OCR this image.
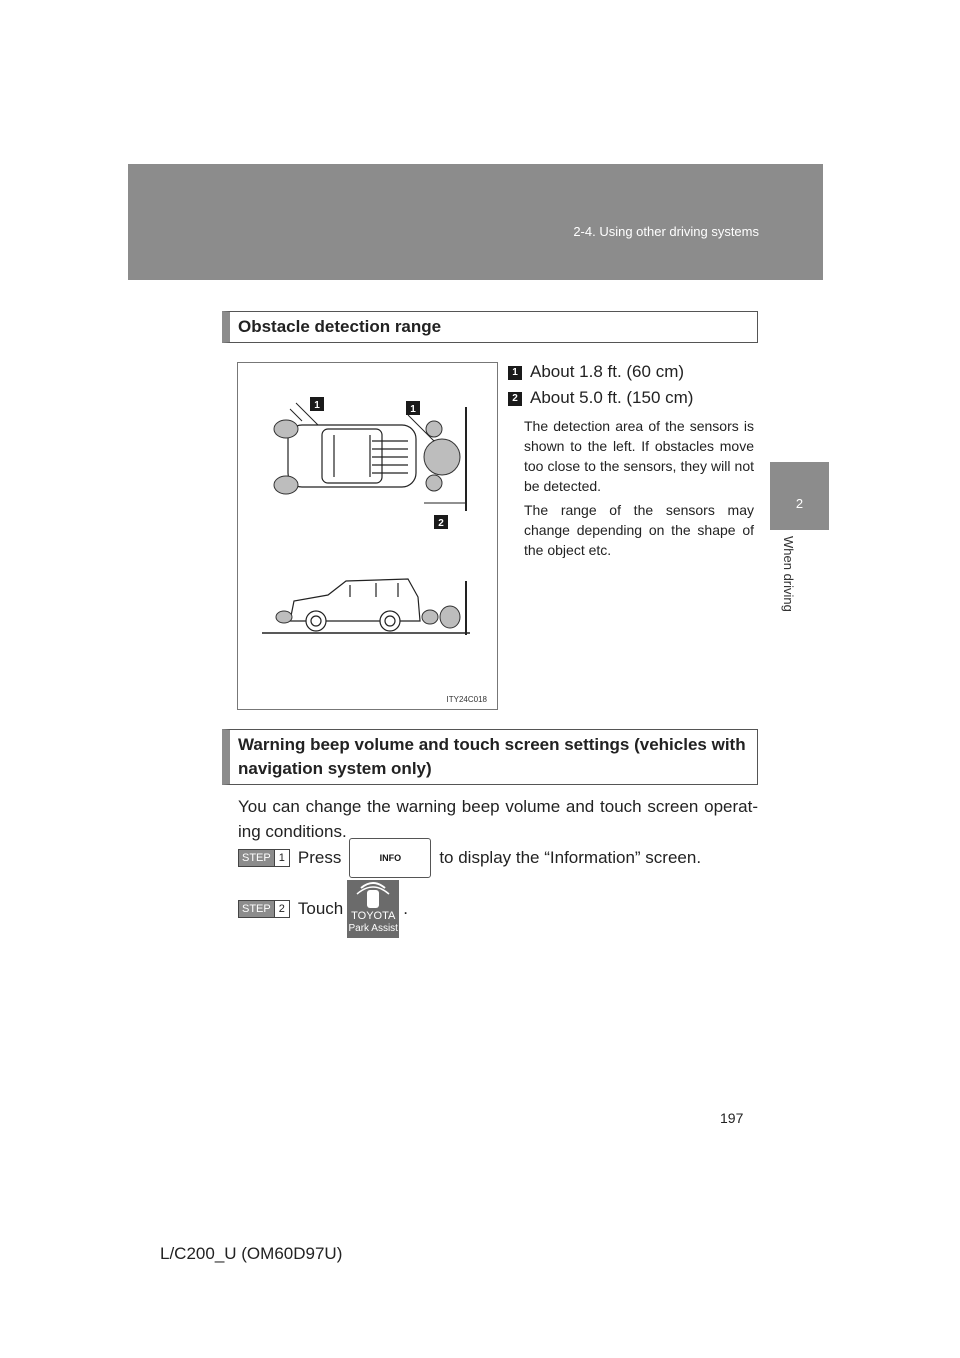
2-4. Using other driving systems
2
When driving
Obstacle detection range
1	1
2
ITY24C018
1 About 1.8 ft. (60 cm)
2 About 5.0 ft. (150 cm)
The detection area of the sensors is shown to the left. If obstacles move too close to the sensors, they will not be detected.
The range of the sensors may change depending on the shape of the object etc.
Warning beep volume and touch screen settings (vehicles with navigation system only)
You can change the warning beep volume and touch screen operat-ing conditions.
STEP 1 Press	INFO	to display the “Information” screen.
STEP 2 Touch TOYOTA
Park Assist
.
197
L/C200_U (OM60D97U)
